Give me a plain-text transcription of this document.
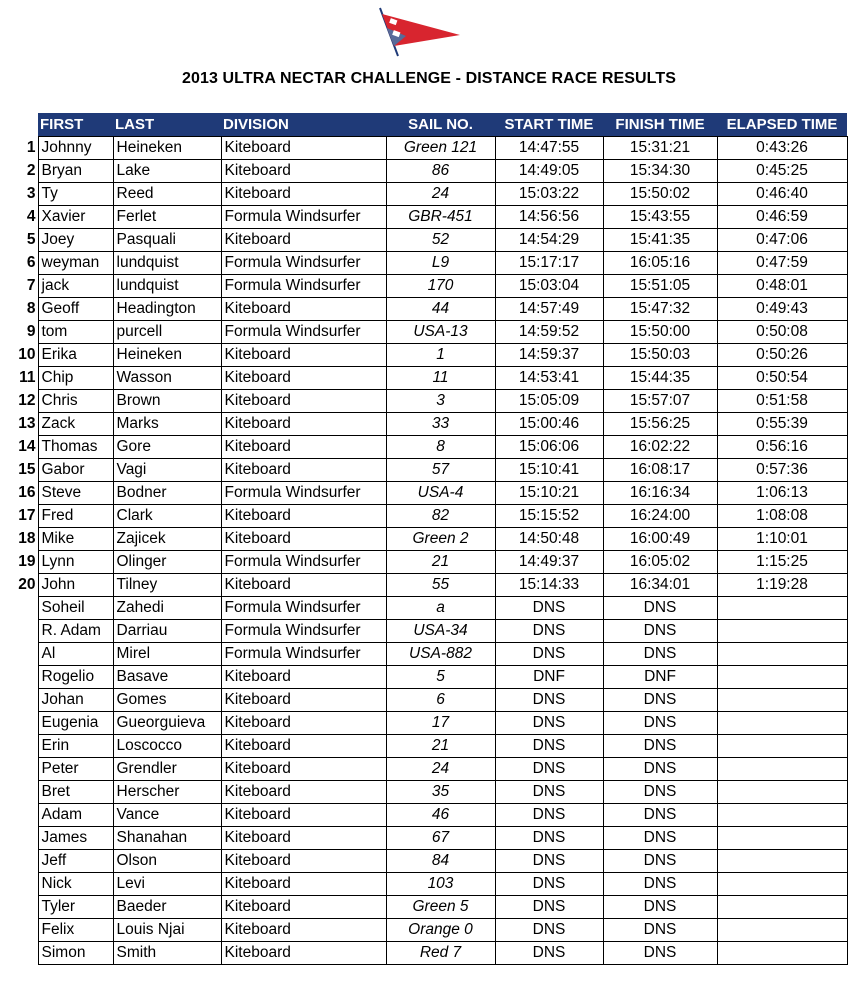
2013 ULTRA NECTAR CHALLENGE - DISTANCE RACE RESULTS
	FIRST	LAST	DIVISION	SAIL NO.	START TIME	FINISH TIME	ELAPSED TIME
1	Johnny	Heineken	Kiteboard	Green 121	14:47:55	15:31:21	0:43:26
2	Bryan	Lake	Kiteboard	86	14:49:05	15:34:30	0:45:25
3	Ty	Reed	Kiteboard	24	15:03:22	15:50:02	0:46:40
4	Xavier	Ferlet	Formula Windsurfer	GBR-451	14:56:56	15:43:55	0:46:59
5	Joey	Pasquali	Kiteboard	52	14:54:29	15:41:35	0:47:06
6	weyman	lundquist	Formula Windsurfer	L9	15:17:17	16:05:16	0:47:59
7	jack	lundquist	Formula Windsurfer	170	15:03:04	15:51:05	0:48:01
8	Geoff	Headington	Kiteboard	44	14:57:49	15:47:32	0:49:43
9	tom	purcell	Formula Windsurfer	USA-13	14:59:52	15:50:00	0:50:08
10	Erika	Heineken	Kiteboard	1	14:59:37	15:50:03	0:50:26
11	Chip	Wasson	Kiteboard	11	14:53:41	15:44:35	0:50:54
12	Chris	Brown	Kiteboard	3	15:05:09	15:57:07	0:51:58
13	Zack	Marks	Kiteboard	33	15:00:46	15:56:25	0:55:39
14	Thomas	Gore	Kiteboard	8	15:06:06	16:02:22	0:56:16
15	Gabor	Vagi	Kiteboard	57	15:10:41	16:08:17	0:57:36
16	Steve	Bodner	Formula Windsurfer	USA-4	15:10:21	16:16:34	1:06:13
17	Fred	Clark	Kiteboard	82	15:15:52	16:24:00	1:08:08
18	Mike	Zajicek	Kiteboard	Green 2	14:50:48	16:00:49	1:10:01
19	Lynn	Olinger	Formula Windsurfer	21	14:49:37	16:05:02	1:15:25
20	John	Tilney	Kiteboard	55	15:14:33	16:34:01	1:19:28
	Soheil	Zahedi	Formula Windsurfer	a	DNS	DNS	
	R. Adam	Darriau	Formula Windsurfer	USA-34	DNS	DNS	
	Al	Mirel	Formula Windsurfer	USA-882	DNS	DNS	
	Rogelio	Basave	Kiteboard	5	DNF	DNF	
	Johan	Gomes	Kiteboard	6	DNS	DNS	
	Eugenia	Gueorguieva	Kiteboard	17	DNS	DNS	
	Erin	Loscocco	Kiteboard	21	DNS	DNS	
	Peter	Grendler	Kiteboard	24	DNS	DNS	
	Bret	Herscher	Kiteboard	35	DNS	DNS	
	Adam	Vance	Kiteboard	46	DNS	DNS	
	James	Shanahan	Kiteboard	67	DNS	DNS	
	Jeff	Olson	Kiteboard	84	DNS	DNS	
	Nick	Levi	Kiteboard	103	DNS	DNS	
	Tyler	Baeder	Kiteboard	Green 5	DNS	DNS	
	Felix	Louis Njai	Kiteboard	Orange 0	DNS	DNS	
	Simon	Smith	Kiteboard	Red 7	DNS	DNS	
